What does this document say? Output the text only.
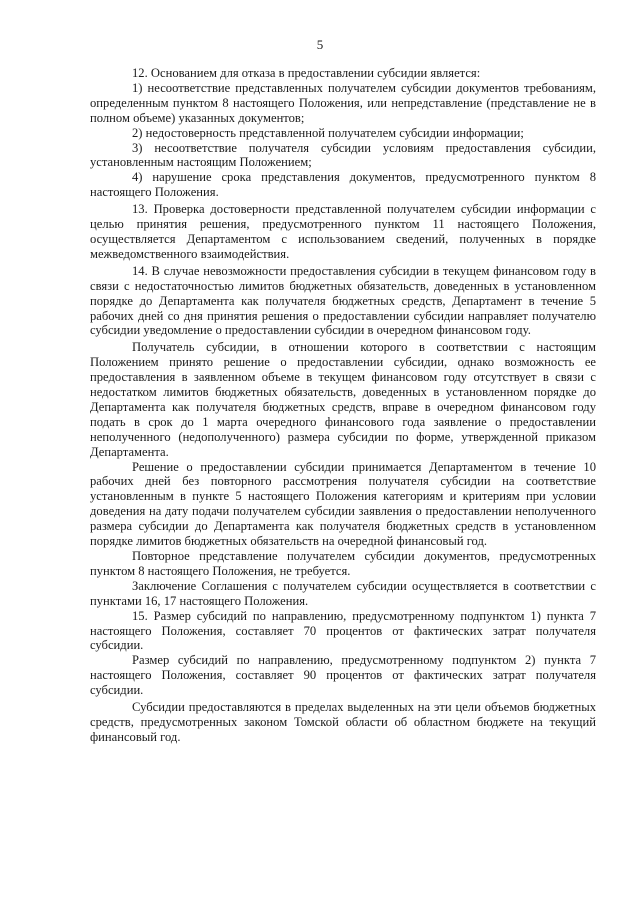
5

12. Основанием для отказа в предоставлении субсидии является:

1) несоответствие представленных получателем субсидии документов требованиям, определенным пунктом 8 настоящего Положения, или непредставление (представление не в полном объеме) указанных документов;

2) недостоверность представленной получателем субсидии информации;

3) несоответствие получателя субсидии условиям предоставления субсидии, установленным настоящим Положением;

4) нарушение срока представления документов, предусмотренного пунктом 8 настоящего Положения.

13. Проверка достоверности представленной получателем субсидии информации с целью принятия решения, предусмотренного пунктом 11 настоящего Положения, осуществляется Департаментом с использованием сведений, полученных в порядке межведомственного взаимодействия.

14. В случае невозможности предоставления субсидии в текущем финансовом году в связи с недостаточностью лимитов бюджетных обязательств, доведенных в установленном порядке до Департамента как получателя бюджетных средств, Департамент в течение 5 рабочих дней со дня принятия решения о предоставлении субсидии направляет получателю субсидии уведомление о предоставлении субсидии в очередном финансовом году.

Получатель субсидии, в отношении которого в соответствии с настоящим Положением принято решение о предоставлении субсидии, однако возможность ее предоставления в заявленном объеме в текущем финансовом году отсутствует в связи с недостатком лимитов бюджетных обязательств, доведенных в установленном порядке до Департамента как получателя бюджетных средств, вправе в очередном финансовом году подать в срок до 1 марта очередного финансового года заявление о предоставлении неполученного (недополученного) размера субсидии по форме, утвержденной приказом Департамента.

Решение о предоставлении субсидии принимается Департаментом в течение 10 рабочих дней без повторного рассмотрения получателя субсидии на соответствие установленным в пункте 5 настоящего Положения категориям и критериям при условии доведения на дату подачи получателем субсидии заявления о предоставлении неполученного размера субсидии до Департамента как получателя бюджетных средств в установленном порядке лимитов бюджетных обязательств на очередной финансовый год.

Повторное представление получателем субсидии документов, предусмотренных пунктом 8 настоящего Положения, не требуется.

Заключение Соглашения с получателем субсидии осуществляется в соответствии с пунктами 16, 17 настоящего Положения.

15. Размер субсидий по направлению, предусмотренному подпунктом 1) пункта 7 настоящего Положения, составляет 70 процентов от фактических затрат получателя субсидии.

Размер субсидий по направлению, предусмотренному подпунктом 2) пункта 7 настоящего Положения, составляет 90 процентов от фактических затрат получателя субсидии.

Субсидии предоставляются в пределах выделенных на эти цели объемов бюджетных средств, предусмотренных законом Томской области об областном бюджете на текущий финансовый год.
